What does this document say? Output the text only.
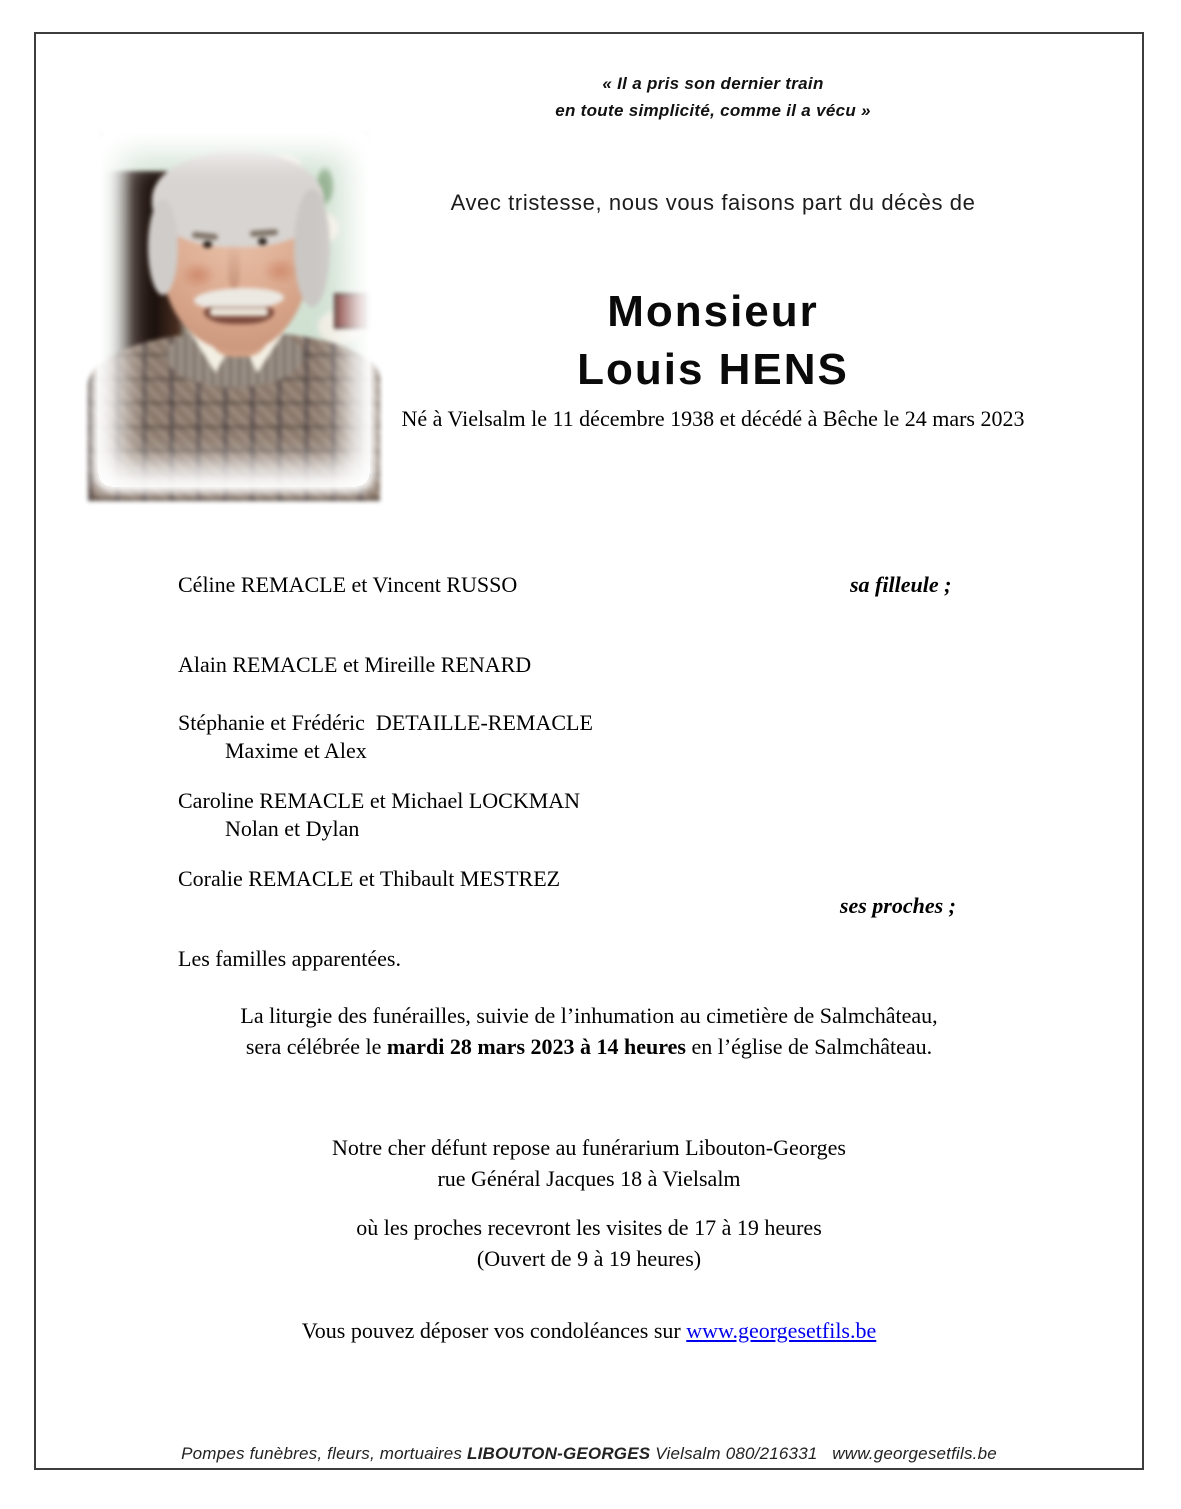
« Il a pris son dernier train
en toute simplicité, comme il a vécu »
Avec tristesse, nous vous faisons part du décès de
Monsieur
Louis HENS
Né à Vielsalm le 11 décembre 1938 et décédé à Bêche le 24 mars 2023
Céline REMACLE et Vincent RUSSO	sa filleule ;
Alain REMACLE et Mireille RENARD
Stéphanie et Frédéric  DETAILLE-REMACLE
Maxime et Alex
Caroline REMACLE et Michael LOCKMAN
Nolan et Dylan
Coralie REMACLE et Thibault MESTREZ
ses proches ;
Les familles apparentées.
La liturgie des funérailles, suivie de l’inhumation au cimetière de Salmchâteau,
sera célébrée le mardi 28 mars 2023 à 14 heures en l’église de Salmchâteau.
Notre cher défunt repose au funérarium Libouton-Georges
rue Général Jacques 18 à Vielsalm
où les proches recevront les visites de 17 à 19 heures
(Ouvert de 9 à 19 heures)
Vous pouvez déposer vos condoléances sur www.georgesetfils.be
Pompes funèbres, fleurs, mortuaires LIBOUTON-GEORGES Vielsalm 080/216331   www.georgesetfils.be
